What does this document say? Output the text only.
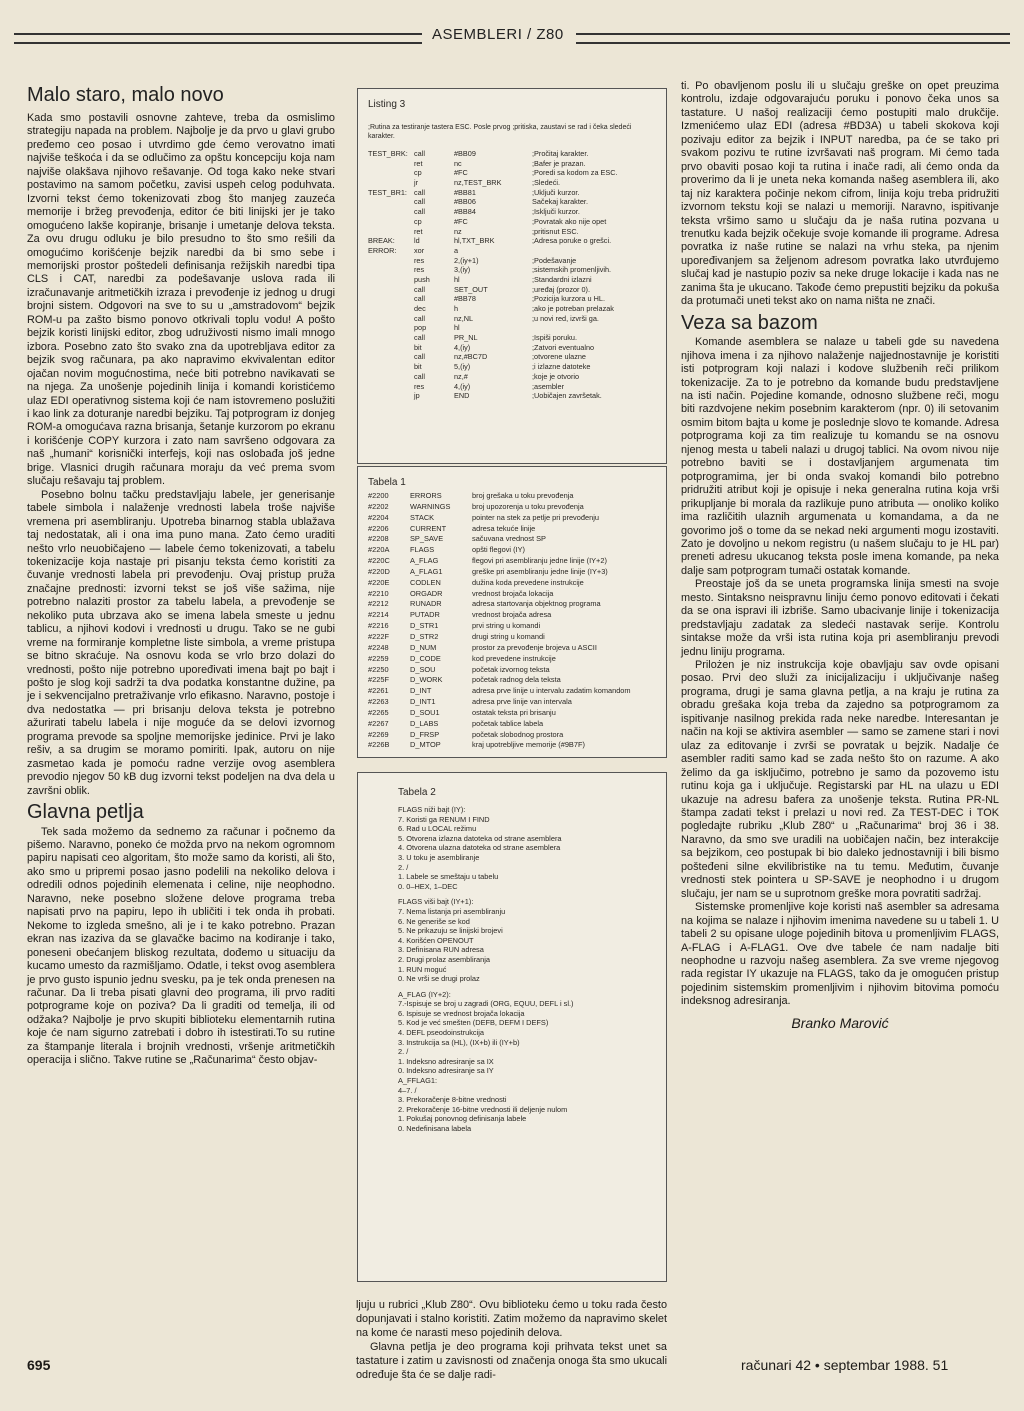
ASEMBLERI / Z80
Malo staro, malo novo

Kada smo postavili osnovne zahteve, treba da osmislimo strategiju napada na problem. Najbolje je da prvo u glavi grubo pređemo ceo posao i utvrdimo gde ćemo verovatno imati najviše teškoća i da se odlučimo za opštu koncepciju koja nam najviše olakšava njihovo rešavanje. Od toga kako neke stvari postavimo na samom početku, zavisi uspeh celog poduhvata. Izvorni tekst ćemo tokenizovati zbog što manjeg zauzeća memorije i bržeg prevođenja, editor će biti linijski jer je tako omogućeno lakše kopiranje, brisanje i umetanje delova teksta. Za ovu drugu odluku je bilo presudno to što smo rešili da omogućimo korišćenje bejzik naredbi da bi smo sebe i memorijski prostor poštedeli definisanja režijskih naredbi tipa CLS i CAT, naredbi za podešavanje uslova rada ili izračunavanje aritmetičkih izraza i prevođenje iz jednog u drugi brojni sistem. Odgovori na sve to su u „amstradovom“ bejzik ROM-u pa zašto bismo ponovo otkrivali toplu vodu! A pošto bejzik koristi linijski editor, zbog udruživosti nismo imali mnogo izbora. Posebno zato što svako zna da upotrebljava editor za bejzik svog računara, pa ako napravimo ekvivalentan editor ojačan novim mogućnostima, neće biti potrebno navikavati se na njega. Za unošenje pojedinih linija i komandi koristićemo ulaz EDI operativnog sistema koji će nam istovremeno poslužiti i kao link za doturanje naredbi bejziku. Taj potprogram iz donjeg ROM-a omogućava razna brisanja, šetanje kurzorom po ekranu i korišćenje COPY kurzora i zato nam savršeno odgovara za naš „humani“ korisnički interfejs, koji nas oslobađa još jedne brige. Vlasnici drugih računara moraju da već prema svom slučaju rešavaju taj problem.

Posebno bolnu tačku predstavljaju labele, jer generisanje tabele simbola i nalaženje vrednosti labela troše najviše vremena pri asembliranju. Upotreba binarnog stabla ublažava taj nedostatak, ali i ona ima puno mana. Zato ćemo uraditi nešto vrlo neuobičajeno — labele ćemo tokenizovati, a tabelu tokenizacije koja nastaje pri pisanju teksta ćemo koristiti za čuvanje vrednosti labela pri prevođenju. Ovaj pristup pruža značajne prednosti: izvorni tekst se još više sažima, nije potrebno nalaziti prostor za tabelu labela, a prevođenje se nekoliko puta ubrzava ako se imena labela smeste u jednu tablicu, a njihovi kodovi i vrednosti u drugu. Tako se ne gubi vreme na formiranje kompletne liste simbola, a vreme pristupa se bitno skraćuje. Na osnovu koda se vrlo brzo dolazi do vrednosti, pošto nije potrebno upoređivati imena bajt po bajt i pošto je slog koji sadrži ta dva podatka konstantne dužine, pa je i sekvencijalno pretraživanje vrlo efikasno. Naravno, postoje i dva nedostatka — pri brisanju delova teksta je potrebno ažurirati tabelu labela i nije moguće da se delovi izvornog programa prevode sa spoljne memorijske jedinice. Prvi je lako rešiv, a sa drugim se moramo pomiriti. Ipak, autoru on nije zasmetao kada je pomoću radne verzije ovog asemblera prevodio njegov 50 kB dug izvorni tekst podeljen na dva dela u završni oblik.

Glavna petlja

Tek sada možemo da sednemo za računar i počnemo da pišemo. Naravno, poneko će možda prvo na nekom ogromnom papiru napisati ceo algoritam, što može samo da koristi, ali što, ako smo u pripremi posao jasno podelili na nekoliko delova i odredili odnos pojedinih elemenata i celine, nije neophodno. Naravno, neke posebno složene delove programa treba napisati prvo na papiru, lepo ih ubličiti i tek onda ih probati. Nekome to izgleda smešno, ali je i te kako potrebno. Prazan ekran nas izaziva da se glavačke bacimo na kodiranje i tako, poneseni obećanjem bliskog rezultata, dođemo u situaciju da kucamo umesto da razmišljamo. Odatle, i tekst ovog asemblera je prvo gusto ispunio jednu svesku, pa je tek onda prenesen na računar. Da li treba pisati glavni deo programa, ili prvo raditi potprograme koje on poziva? Da li graditi od temelja, ili od odžaka? Najbolje je prvo skupiti biblioteku elementarnih rutina koje će nam sigurno zatrebati i dobro ih istestirati.To su rutine za štampanje literala i brojnih vrednosti, vršenje aritmetičkih operacija i slično. Takve rutine se „Računarima“ često objav-

Listing 3
;Rutina za testiranje tastera ESC. Posle prvog ;pritiska, zaustavi se rad i čeka sledeći karakter.
TEST_BRK: call	#BB09	;Pročitaj karakter.
ret	nc	;Bafer je prazan.
cp	#FC	;Poredi sa kodom za ESC.
jr	nz,TEST_BRK	;Sledeći.
TEST_BR1: call	#BB81	;Uključi kurzor.
call	#BB06	Sačekaj karakter.
call	#BB84	;Isključi kurzor.
cp	#FC	;Povratak ako nije opet
ret	nz	;pritisnut ESC.
BREAK:	ld	hl,TXT_BRK	;Adresa poruke o grešci.
ERROR:	xor	a
res	2,(iy+1)	;Podešavanje
res	3,(iy)	;sistemskih promenljivih.
push	hl	;Standardni izlazni
call	SET_OUT	;uređaj (prozor 0).
call	#BB78	;Pozicija kurzora u HL.
dec	h	;ako je potreban prelazak
call	nz,NL	;u novi red, izvrši ga.
pop	hl
call	PR_NL	;Ispiši poruku.
bit	4,(iy)	;Zatvori eventualno
call	nz,#BC7D	;otvorene ulazne
bit	5,(iy)	;i izlazne datoteke
call	nz,#	;koje je otvorio
res	4,(iy)	;asembler
jp	END	;Uobičajen završetak.
Tabela 1
#2200	ERRORS	broj grešaka u toku prevođenja
#2202	WARNINGS	broj upozorenja u toku prevođenja
#2204	STACK	pointer na stek za petlje pri prevođenju
#2206	CURRENT	adresa tekuće linije
#2208	SP_SAVE	sačuvana vrednost SP
#220A	FLAGS	opšti flegovi (IY)
#220C	A_FLAG	flegovi pri asembliranju jedne linije (IY+2)
#220D	A_FLAG1	greške pri asembliranju jedne linije (IY+3)
#220E	CODLEN	dužina koda prevedene instrukcije
#2210	ORGADR	vrednost brojača lokacija
#2212	RUNADR	adresa startovanja objektnog programa
#2214	PUTADR	vrednost brojača adresa
#2216	D_STR1	prvi string u komandi
#222F	D_STR2	drugi string u komandi
#2248	D_NUM	prostor za prevođenje brojeva u ASCII
#2259	D_CODE	kod prevedene instrukcije
#2250	D_SOU	početak izvornog teksta
#225F	D_WORK	početak radnog dela teksta
#2261	D_INT	adresa prve linije u intervalu zadatim komandom
#2263	D_INT1	adresa prve linije van intervala
#2265	D_SOU1	ostatak teksta pri brisanju
#2267	D_LABS	početak tablice labela
#2269	D_FRSP	početak slobodnog prostora
#226B	D_MTOP	kraj upotrebljive memorije (#9B7F)
Tabela 2
FLAGS niži bajt (IY):
7. Koristi ga RENUM I FIND
6. Rad u LOCAL režimu
5. Otvorena izlazna datoteka od strane asemblera
4. Otvorena ulazna datoteka od strane asemblera
3. U toku je asembliranje
2. /
1. Labele se smeštaju u tabelu
0. 0–HEX, 1–DEC
FLAGS viši bajt (IY+1):
7. Nema listanja pri asembliranju
6. Ne generiše se kod
5. Ne prikazuju se linijski brojevi
4. Korišćen OPENOUT
3. Definisana RUN adresa
2. Drugi prolaz asembliranja
1. RUN moguć
0. Ne vrši se drugi prolaz
A_FLAG (IY+2):
7.-Ispisuje se broj u zagradi (ORG, EQUU, DEFL i sl.)
6. Ispisuje se vrednost brojača lokacija
5. Kod je već smešten (DEFB, DEFM I DEFS)
4. DEFL pseodoinstrukcija
3. Instrukcija sa (HL), (IX+b) ili (IY+b)
2. /
1. Indeksno adresiranje sa IX
0. Indeksno adresiranje sa IY
A_FFLAG1:
4–7. /
3. Prekoračenje 8-bitne vrednosti
2. Prekoračenje 16-bitne vrednosti ili deljenje nulom
1. Pokušaj ponovnog definisanja labele
0. Nedefinisana labela

ljuju u rubrici „Klub Z80“. Ovu biblioteku ćemo u toku rada često dopunjavati i stalno koristiti. Zatim možemo da napravimo skelet na kome će narasti meso pojedinih delova.

Glavna petlja je deo programa koji prihvata tekst unet sa tastature i zatim u zavisnosti od značenja onoga šta smo ukucali određuje šta će se dalje radi-

ti. Po obavljenom poslu ili u slučaju greške on opet preuzima kontrolu, izdaje odgovarajuću poruku i ponovo čeka unos sa tastature. U našoj realizaciji ćemo postupiti malo drukčije. Izmenićemo ulaz EDI (adresa #BD3A) u tabeli skokova koji pozivaju editor za bejzik i INPUT naredba, pa će se tako pri svakom pozivu te rutine izvršavati naš program. Mi ćemo tada prvo obaviti posao koji ta rutina i inače radi, ali ćemo onda da proverimo da li je uneta neka komanda našeg asemblera ili, ako taj niz karaktera počinje nekom cifrom, linija koju treba pridružiti izvornom tekstu koji se nalazi u memoriji. Naravno, ispitivanje teksta vršimo samo u slučaju da je naša rutina pozvana u trenutku kada bejzik očekuje svoje komande ili programe. Adresa povratka iz naše rutine se nalazi na vrhu steka, pa njenim upoređivanjem sa željenom adresom povratka lako utvrđujemo slučaj kad je nastupio poziv sa neke druge lokacije i kada nas ne zanima šta je ukucano. Takođe ćemo prepustiti bejziku da pokuša da protumači uneti tekst ako on nama ništa ne znači.

Veza sa bazom

Komande asemblera se nalaze u tabeli gde su navedena njihova imena i za njihovo nalaženje najjednostavnije je koristiti isti potprogram koji nalazi i kodove službenih reči prilikom tokenizacije. Za to je potrebno da komande budu predstavljene na isti način. Pojedine komande, odnosno službene reči, mogu biti razdvojene nekim posebnim karakterom (npr. 0) ili setovanim osmim bitom bajta u kome je poslednje slovo te komande. Adresa potprograma koji za tim realizuje tu komandu se na osnovu njenog mesta u tabeli nalazi u drugoj tablici. Na ovom nivou nije potrebno baviti se i dostavljanjem argumenata tim potprogramima, jer bi onda svakoj komandi bilo potrebno pridružiti atribut koji je opisuje i neka generalna rutina koja vrši prikupljanje bi morala da razlikuje puno atributa — onoliko koliko ima različitih ulaznih argumenata u komandama, a da ne govorimo još o tome da se nekad neki argumenti mogu izostaviti. Zato je dovoljno u nekom registru (u našem slučaju to je HL par) preneti adresu ukucanog teksta posle imena komande, pa neka dalje sam potprogram tumači ostatak komande.

Preostaje još da se uneta programska linija smesti na svoje mesto. Sintaksno neispravnu liniju ćemo ponovo editovati i čekati da se ona ispravi ili izbriše. Samo ubacivanje linije i tokenizacija predstavljaju zadatak za sledeći nastavak serije. Kontrolu sintakse može da vrši ista rutina koja pri asembliranju prevodi jednu liniju programa.

Prilożen je niz instrukcija koje obavljaju sav ovde opisani posao. Prvi deo služi za inicijalizaciju i uključivanje našeg programa, drugi je sama glavna petlja, a na kraju je rutina za obradu grešaka koja treba da zajedno sa potprogramom za ispitivanje nasilnog prekida rada neke naredbe. Interesantan je način na koji se aktivira asembler — samo se zamene stari i novi ulaz za editovanje i zvrši se povratak u bejzik. Nadalje će asembler raditi samo kad se zada nešto što on razume. A ako želimo da ga isključimo, potrebno je samo da pozovemo istu rutinu koja ga i uključuje. Registarski par HL na ulazu u EDI ukazuje na adresu bafera za unošenje teksta. Rutina PR-NL štampa zadati tekst i prelazi u novi red. Za TEST-DEC i TOK pogledajte rubriku „Klub Z80“ u „Računarima“ broj 36 i 38. Naravno, da smo sve uradili na uobičajen način, bez interakcije sa bejzikom, ceo postupak bi bio daleko jednostavniji i bili bismo pošteđeni silne ekvilibristike na tu temu. Međutim, čuvanje vrednosti stek pointera u SP-SAVE je neophodno i u drugom slučaju, jer nam se u suprotnom greške mora povratiti sadržaj.

Sistemske promenljive koje koristi naš asembler sa adresama na kojima se nalaze i njihovim imenima navedene su u tabeli 1. U tabeli 2 su opisane uloge pojedinih bitova u promenljivim FLAGS, A-FLAG i A-FLAG1. Ove dve tabele će nam nadalje biti neophodne u razvoju našeg asemblera. Za sve vreme njegovog rada registar IY ukazuje na FLAGS, tako da je omogućen pristup pojedinim sistemskim promenljivim i njihovim bitovima pomoću indeksnog adresiranja.

Branko Marović
695	računari 42 • septembar 1988. 51
